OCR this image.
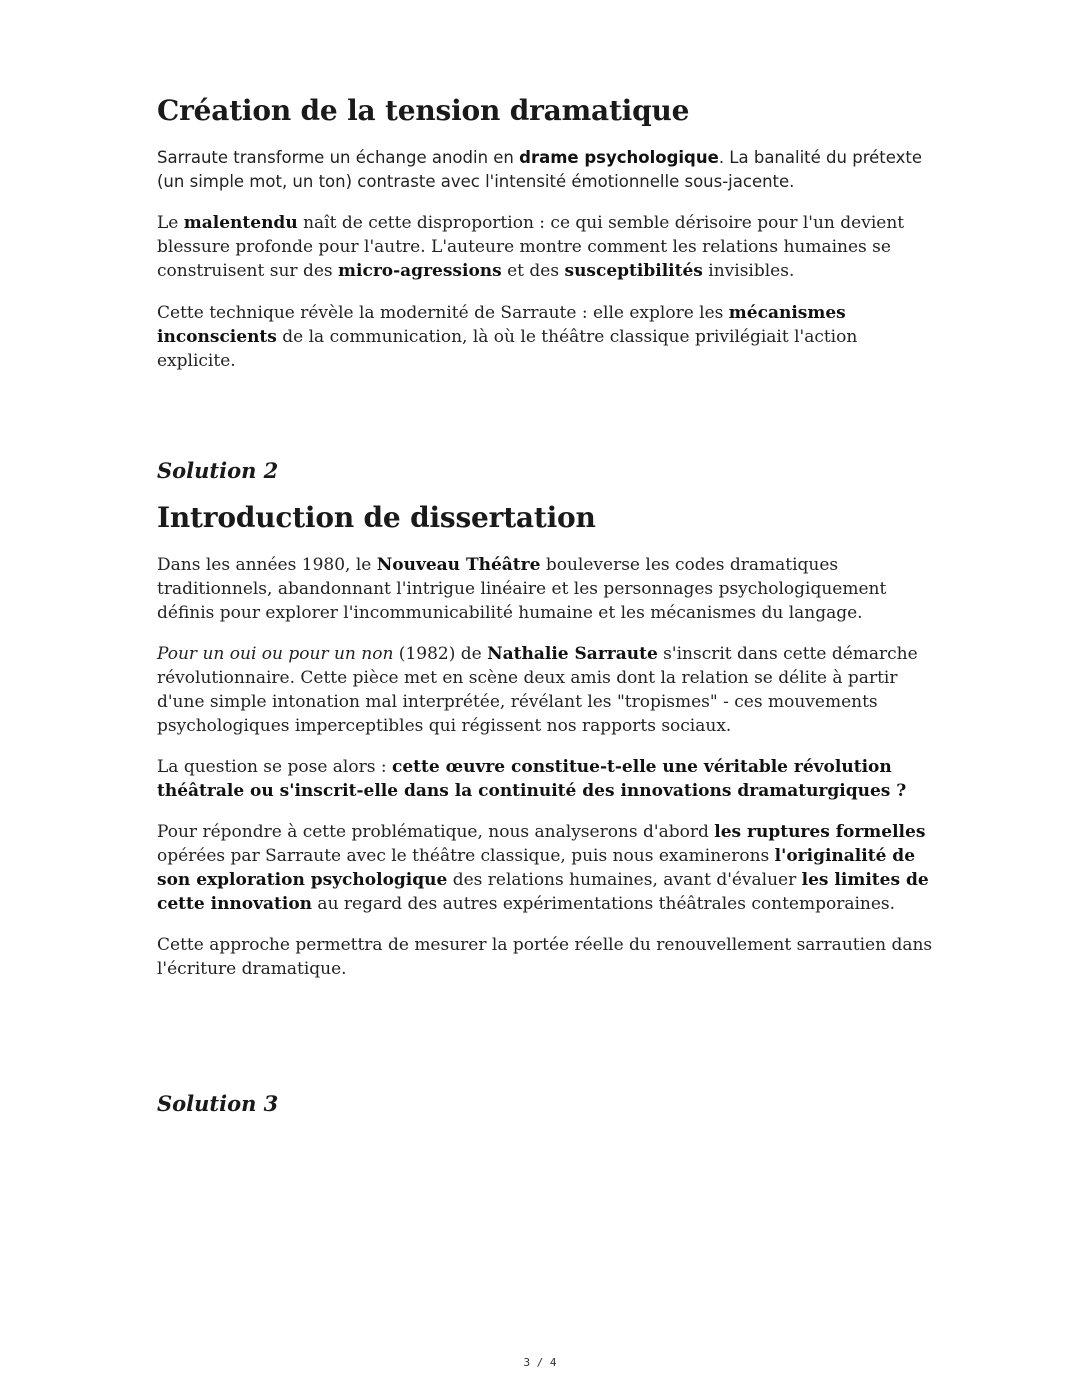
Création de la tension dramatique

Sarraute transforme un échange anodin en drame psychologique. La banalité du prétexte (un simple mot, un ton) contraste avec l'intensité émotionnelle sous-jacente.

Le malentendu naît de cette disproportion : ce qui semble dérisoire pour l'un devient blessure profonde pour l'autre. L'auteure montre comment les relations humaines se construisent sur des micro-agressions et des susceptibilités invisibles.

Cette technique révèle la modernité de Sarraute : elle explore les mécanismes inconscients de la communication, là où le théâtre classique privilégiait l'action explicite.

Solution 2
Introduction de dissertation

Dans les années 1980, le Nouveau Théâtre bouleverse les codes dramatiques traditionnels, abandonnant l'intrigue linéaire et les personnages psychologiquement définis pour explorer l'incommunicabilité humaine et les mécanismes du langage.

Pour un oui ou pour un non (1982) de Nathalie Sarraute s'inscrit dans cette démarche révolutionnaire. Cette pièce met en scène deux amis dont la relation se délite à partir d'une simple intonation mal interprétée, révélant les "tropismes" - ces mouvements psychologiques imperceptibles qui régissent nos rapports sociaux.

La question se pose alors : cette œuvre constitue-t-elle une véritable révolution théâtrale ou s'inscrit-elle dans la continuité des innovations dramaturgiques ?

Pour répondre à cette problématique, nous analyserons d'abord les ruptures formelles opérées par Sarraute avec le théâtre classique, puis nous examinerons l'originalité de son exploration psychologique des relations humaines, avant d'évaluer les limites de cette innovation au regard des autres expérimentations théâtrales contemporaines.

Cette approche permettra de mesurer la portée réelle du renouvellement sarrautien dans l'écriture dramatique.

Solution 3
3 / 4
